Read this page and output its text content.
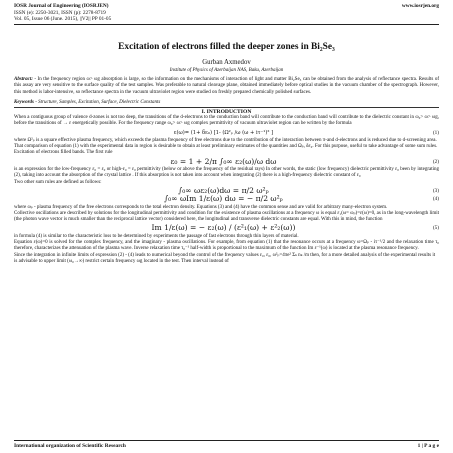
IOSR Journal of Engineering (IOSRJEN)
ISSN (e): 2250-3021, ISSN (p): 2278-8719
Vol. 05, Issue 06 (June. 2015), ||V2|| PP 01-05
www.iosrjen.org
Excitation of electrons filled the deeper zones in Bi₂Se₃
Gurban Axmedov
Institute of Physics of Azerbaijan NAS, Baku, Azerbaijan
Abstract: - In the frequency region ω> ωg absorption is large, so the information on the mechanisms of interaction of light and matter Bi₂Se₃ can be obtained from the analysis of reflectance spectra. Results of this assay are very sensitive to the surface quality of the test samples. Was preferable to natural cleavage plane, obtained immediately before optical studies in the vacuum chamber of the spectrograph. However, this method is labor-intensive, so reflectance spectra in the vacuum ultraviolet region were studied on freshly prepared chemically polished surfaces.
Keywords - Structure, Samples, Excitation, Surface, Dielectric Constants
I. INTRODUCTION

When a contiguous group of valence d-zones is not too deep, the transitions of the d-electrons to the conduction band will contribute to the conduction band will contribute to the dielectric constant in ω₀> ω> ωg, before the transitions of → ε energetically possible. For the frequency range ω₀> ω> ωg complex permittivity of vacuum ultraviolet region can be written by the formula

ε(ω)= (1+ δε₀) [1- (Ω²ₚ /ω (ω + iτ⁻¹)² ]	(1)

where Ω²ₚ is a square effective plasma frequency, which exceeds the plasma frequency of free electrons due to the contribution of the interaction between π-and d-electrons and is reduced due to d-screening area.

That comparison of equation (1) with the experimental data in region is desirable to obtain at least preliminary estimates of the quantities and Ωₚ, δε₀. For this purpose, useful to take advantage of some sum rules.

Excitation of electrons filled bands. The first rule

ε₀ = 1 + 2/π ∫₀∞ ε₂(ω)/ω dω	(2)

is an expression for the low-frequency ε₀ = ε₀ or high-ε₀ = ε₀ permittivity (below or above the frequency of the residual rays) In other words, the static (low frequency) dielectric permittivity ε₀ been by integrating (2), taking into account the absorption of the crystal lattice . If this absorption is not taken into account when integrating (2) there is a high-frequency dielectric constant of ε₀

Two other sum rules are defined as follows:

∫₀∞ ωε₂(ω)dω = π/2 ω²ₚ	(3)
∫₀∞ ωIm 1/ε(ω) dω = − π/2 ω²ₚ	(4)

where ωₚ - plasma frequency of the free electrons corresponds to the total electron density. Equations (3) and (4) have the common sense and are valid for arbitrary many-electron system.

Collective oscillations are described by solutions for the longitudinal permittivity and condition for the existence of plasma oscillations at a frequency ω is equal ε₁(ω= ωₚ)=ε(ω)=0, as in the long-wavelength limit (the photon wave vector is much smaller than the reciprocal lattice vector) considered here, the longitudinal and transverse dielectric constants are equal. With this in mind, the function

Im 1/ε(ω) = − ε₂(ω) / (ε²₁(ω) + ε²₂(ω))	(5)

in formula (4) is similar to the characteristic loss to be determined by experiments the passage of fast electrons through thin layers of material.

Equation ε(ω)=0 is solved for the complex frequency, and the imaginary - plasma oscillations. For example, from equation (1) that the resonance occurs at a frequency ω=Ωₚ - iτ⁻¹/2 and the relaxation time τ₀ therefore, characterizes the attenuation of the plasma wave. Inverse relaxation time τ₀⁻¹ half-width is proportional to the maximum of the function Im ε⁻¹(ω) is located at the plasma resonance frequency.

Since the integration in infinite limits of expression (2) - (4) leads to numerical beyond the control of the frequency values ε₀, ε₀, ω²ₚ=4πe² Σₖ nₖ /m then, for a more detailed analysis of the experimental results it

is advisable to upper limit (ω₀→∞) restrict certain frequency ωg located in the test. Then interval instead of

International organization of Scientific Research	1 | P a g e
